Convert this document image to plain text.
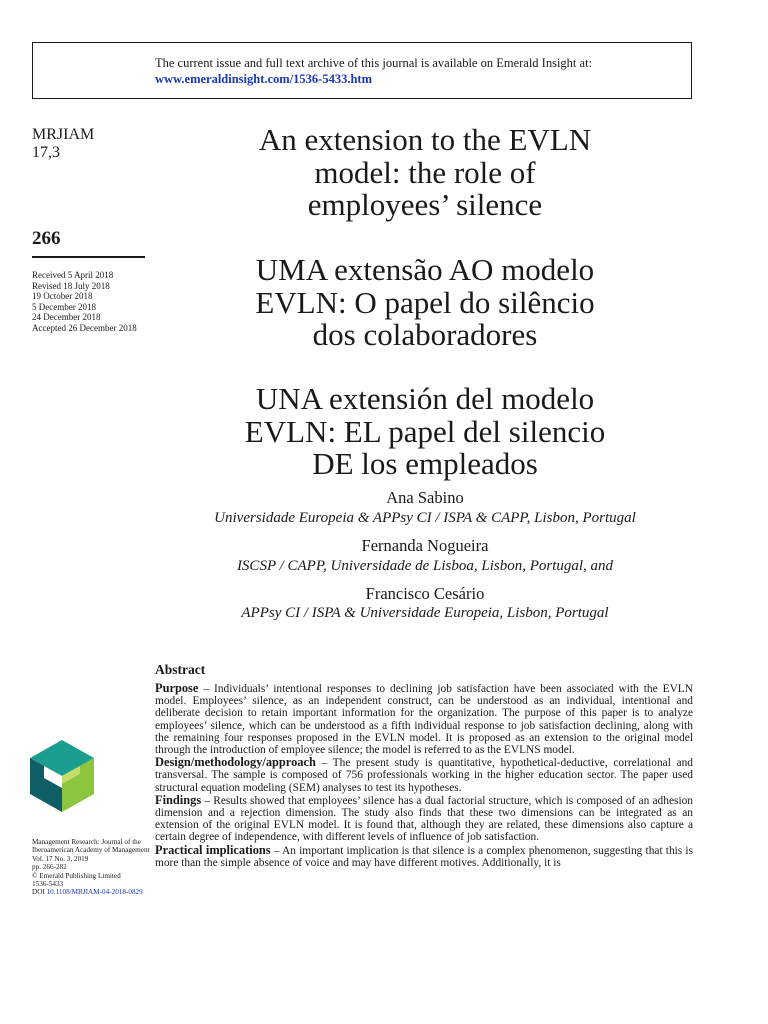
The current issue and full text archive of this journal is available on Emerald Insight at:
www.emeraldinsight.com/1536-5433.htm
MRJIAM
17,3
266
Received 5 April 2018
Revised 18 July 2018
19 October 2018
5 December 2018
24 December 2018
Accepted 26 December 2018
An extension to the EVLN
model: the role of
employees’ silence
UMA extensão AO modelo
EVLN: O papel do silêncio
dos colaboradores
UNA extensión del modelo
EVLN: EL papel del silencio
DE los empleados
Ana Sabino
Universidade Europeia & APPsy CI / ISPA & CAPP, Lisbon, Portugal
Fernanda Nogueira
ISCSP / CAPP, Universidade de Lisboa, Lisbon, Portugal, and
Francisco Cesário
APPsy CI / ISPA & Universidade Europeia, Lisbon, Portugal
Abstract

Purpose – Individuals’ intentional responses to declining job satisfaction have been associated with the EVLN model. Employees’ silence, as an independent construct, can be understood as an individual, intentional and deliberate decision to retain important information for the organization. The purpose of this paper is to analyze employees’ silence, which can be understood as a fifth individual response to job satisfaction declining, along with the remaining four responses proposed in the EVLN model. It is proposed as an extension to the original model through the introduction of employee silence; the model is referred to as the EVLNS model.

Design/methodology/approach – The present study is quantitative, hypothetical-deductive, correlational and transversal. The sample is composed of 756 professionals working in the higher education sector. The paper used structural equation modeling (SEM) analyses to test its hypotheses.

Findings – Results showed that employees’ silence has a dual factorial structure, which is composed of an adhesion dimension and a rejection dimension. The study also finds that these two dimensions can be integrated as an extension of the original EVLN model. It is found that, although they are related, these dimensions also capture a certain degree of independence, with different levels of influence of job satisfaction.

Practical implications – An important implication is that silence is a complex phenomenon, suggesting that this is more than the simple absence of voice and may have different motives. Additionally, it is

Management Research: Journal of the Iberoamerican Academy of Management
Vol. 17 No. 3, 2019
pp. 266-282
© Emerald Publishing Limited
1536-5433
DOI 10.1108/MRJIAM-04-2018-0829
